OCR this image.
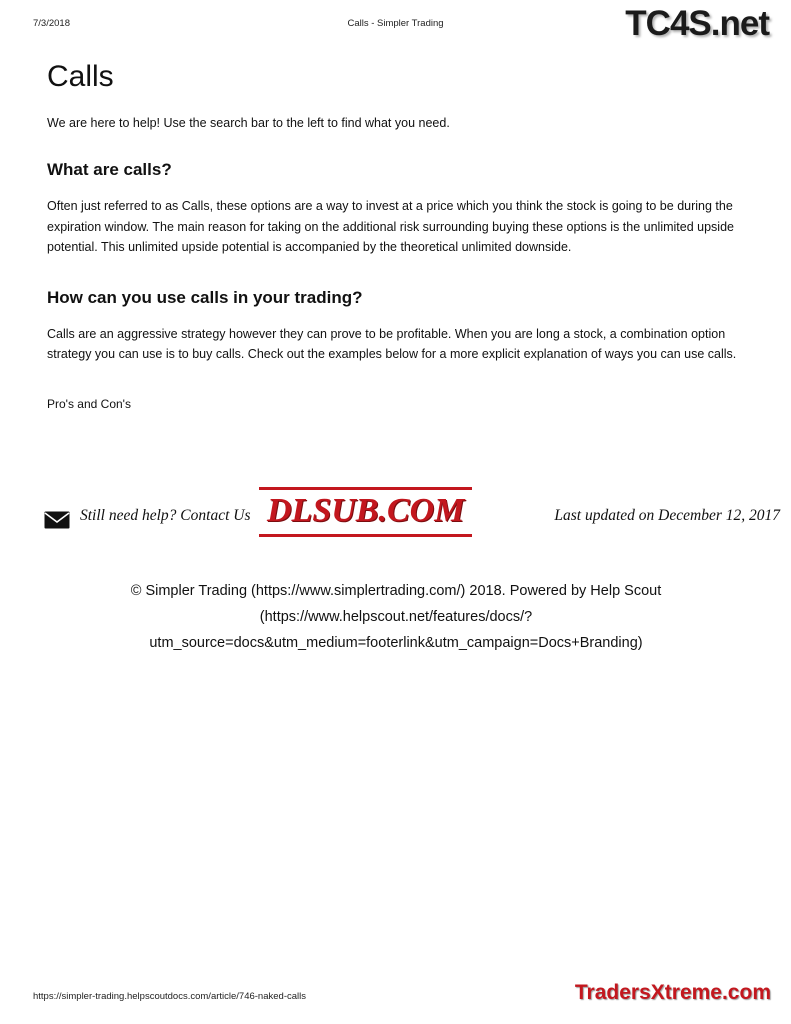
7/3/2018	Calls - Simpler Trading	TC4S.net
Calls

We are here to help! Use the search bar to the left to find what you need.

What are calls?

Often just referred to as Calls, these options are a way to invest at a price which you think the stock is going to be during the expiration window. The main reason for taking on the additional risk surrounding buying these options is the unlimited upside potential. This unlimited upside potential is accompanied by the theoretical unlimited downside.

How can you use calls in your trading?

Calls are an aggressive strategy however they can prove to be profitable. When you are long a stock, a combination option strategy you can use is to buy calls. Check out the examples below for a more explicit explanation of ways you can use calls.

Pro's and Con's

Still need help? Contact Us	Last updated on December 12, 2017
DLSUB.COM
© Simpler Trading (https://www.simplertrading.com/) 2018. Powered by Help Scout (https://www.helpscout.net/features/docs/?utm_source=docs&utm_medium=footerlink&utm_campaign=Docs+Branding)
https://simpler-trading.helpscoutdocs.com/article/746-naked-calls	TradersXtreme.com
